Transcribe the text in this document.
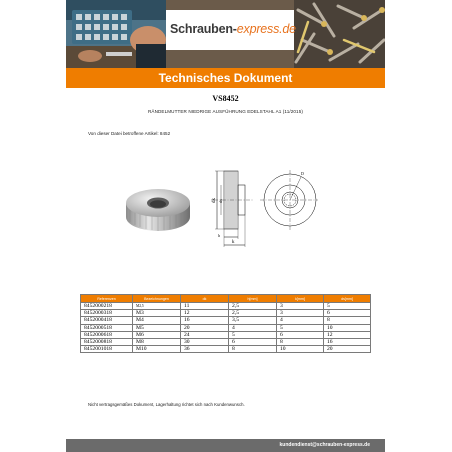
Schrauben-express.de
Technisches Dokument
VS8452
RÄNDELMUTTER NIEDRIGE AUSFÜHRUNG EDELSTAHL A1 (11/2015)
Von dieser Datei betroffene Artikel: 8452
dk ds
D
h
k
Referenzen	Bezeichnungen	dk	h[mm]	k[mm]	ds[mm]
8452000218	M2,5	11	2,5	3	5
8452000318	M3	12	2,5	3	6
8452000418	M4	16	3,5	4	8
8452000518	M5	20	4	5	10
8452000618	M6	24	5	6	12
8452000818	M8	30	6	8	16
8452001018	M10	36	8	10	20
Nicht vertragsgemäßes Dokument, Lagerhaltung richtet sich nach Kundenwunsch.
kundendienst@schrauben-express.de
